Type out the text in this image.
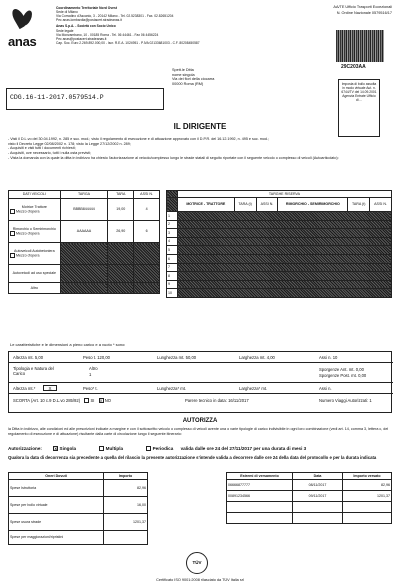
anas
Coordinamento Territoriale Nord Ovest
Sede di Milano
Via Corradino d'Ascanio, 3 - 20142 Milano - Tel. 02.5238301 - Fax. 02.82651204
Pec anas.lombardia@postacert.stradeanas.it
Anas S.p.A. - Società con Socio Unico
Sede legale
Via Monzambano, 10 - 00185 Roma - Tel. 06 44461 - Fax 06 4456224
Pec anas@postacert.stradeanas.it
Cap. Soc. Euro 2.269.892.000,00 - Iscr. R.E.A. 1024951 - P.IVA 02133681003 - C.F. 80208450587
AA/TE Ufficio Trasporti Eccezionali
N. Ordine Nazionale 0579516/17
29C203AA
Imposta di bollo assolta in modo virtuale Aut. n. 6744/TV del 14.09.2001 Agenzia Entrate Ufficio di ...
Spett.le Ditta
nome singola
Via dei fiori della ciocarra
00000 Roma (RM)
CDG.16-11-2017.0579514.P
IL DIRIGENTE
- Visti il D.L.vo del 30.04.1992, n. 285 e suc. mod.; visto il regolamento di esecuzione e di attuazione approvato con il D.P.R. del 16.12.1992, n. 495 e suc. mod.;
visto il Decreto Legge 02/08/2002 n. 178; visto la Legge 27/12/2002 n. 289;
- Acquisiti e visti tutti i documenti richiesti;
- Acquisiti, ove necessario, tutti i nulla osta previsti;
- Vista la domanda con la quale la ditta in indirizzo ha chiesto l'autorizzazione al veicolo/complesso lungo le strade statali di seguito riportate con il seguente veicolo o complesso di veicoli (Autoarticolato):
DATI VEICOLI	TARGA	TARA	ASSI N.

Motrice Trattore
Mezzo d'opera	BBBB844444	19,00	4

Rimorchio o Semirimorchio
Mezzo d'opera	AAAAAA	26,90	6

Autoveicoli Autobetoniera
Mezzo d'opera			

Autoveicoli ad uso speciale			
Altro			
	TARGHE RISERVA					
	MOTRICE - TRATTORE	TARA (t)	ASSI N.	RIMORCHIO - SEMIRIMORCHIO	TARA (t)	ASSI N.
1						
2						
3						
4						
5						
6						
7						
8						
9						
10						
Le caratteristiche e le dimensioni a pieno carico e a vuoto * sono:
Altezza mt. 5,00	Peso t. 120,00	Lunghezza mt. 50,00	Larghezza mt. 4,00	Assi n. 10
Tipologia e Natura del Carico
Altro
1
Sporgenze Ant. mt. 0,00
Sporgenze Post. mt. 0,00
Altezza mt.*	X	Peso* t.	Lunghezza* mt.	Larghezza* mt.	Assi n.
SCORTA (Art. 10 c.9 D.L.vo 285/92) SI X NO	Parere tecnico in data: 16/11/2017	Numero Viaggi Autorizzati: 1
AUTORIZZA
la Ditta in indirizzo, alle condizioni ed alle prescrizioni indicate a margine e con il sottoscritto veicolo o complesso di veicoli avente una o varie tipologie di carico indivisibile in ogni loro combinazione (vedi art. 14, comma 3, lettera c, del regolamento di esecuzione e di attuazione) risultante dalla carte di circolazione lungo il seguente itinerario:
Autorizzazione:	X Singola	Multipla	Periodica valida dalle ore 24 del 27/11/2017 per una durata di mesi 3
Qualora la data di decorrenza sia precedente a quella del rilascio la presente autorizzazione s'intende valida a decorrere dalle ore 24 della data del protocollo e per la durata indicata
Oneri Dovuti	Importo
Spese Istruttoria	82,96
Spese per bollo virtuale	16,00
Spese usura strade	1201,37
Spese per maggiorazioni/ripristini	
Estremi di versamento	Data	Importo versato
06666877777	08/11/2017	82,96
00891234566	09/11/2017	1201,37

TÜV
Certificato ISO 9001:2008 rilasciato da TÜV Italia srl
